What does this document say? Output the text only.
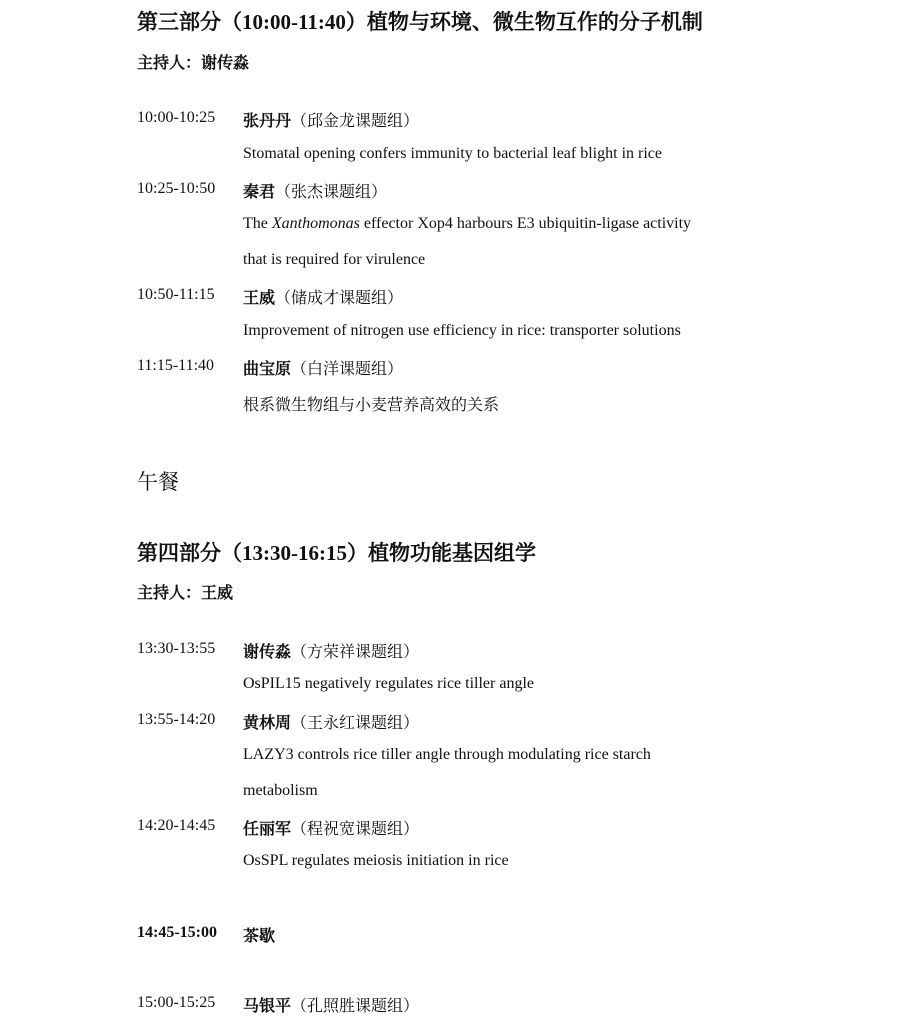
第三部分（10:00-11:40）植物与环境、微生物互作的分子机制
主持人：谢传淼
10:00-10:25 张丹丹（邱金龙课题组）
Stomatal opening confers immunity to bacterial leaf blight in rice
10:25-10:50 秦君（张杰课题组）
The Xanthomonas effector Xop4 harbours E3 ubiquitin-ligase activity
that is required for virulence
10:50-11:15 王威（储成才课题组）
Improvement of nitrogen use efficiency in rice: transporter solutions
11:15-11:40 曲宝原（白洋课题组）
根系微生物组与小麦营养高效的关系
午餐
第四部分（13:30-16:15）植物功能基因组学
主持人：王威
13:30-13:55 谢传淼（方荣祥课题组）
OsPIL15 negatively regulates rice tiller angle
13:55-14:20 黄林周（王永红课题组）
LAZY3 controls rice tiller angle through modulating rice starch
metabolism
14:20-14:45 任丽军（程祝宽课题组）
OsSPL regulates meiosis initiation in rice
14:45-15:00 茶歇
15:00-15:25 马银平（孔照胜课题组）
